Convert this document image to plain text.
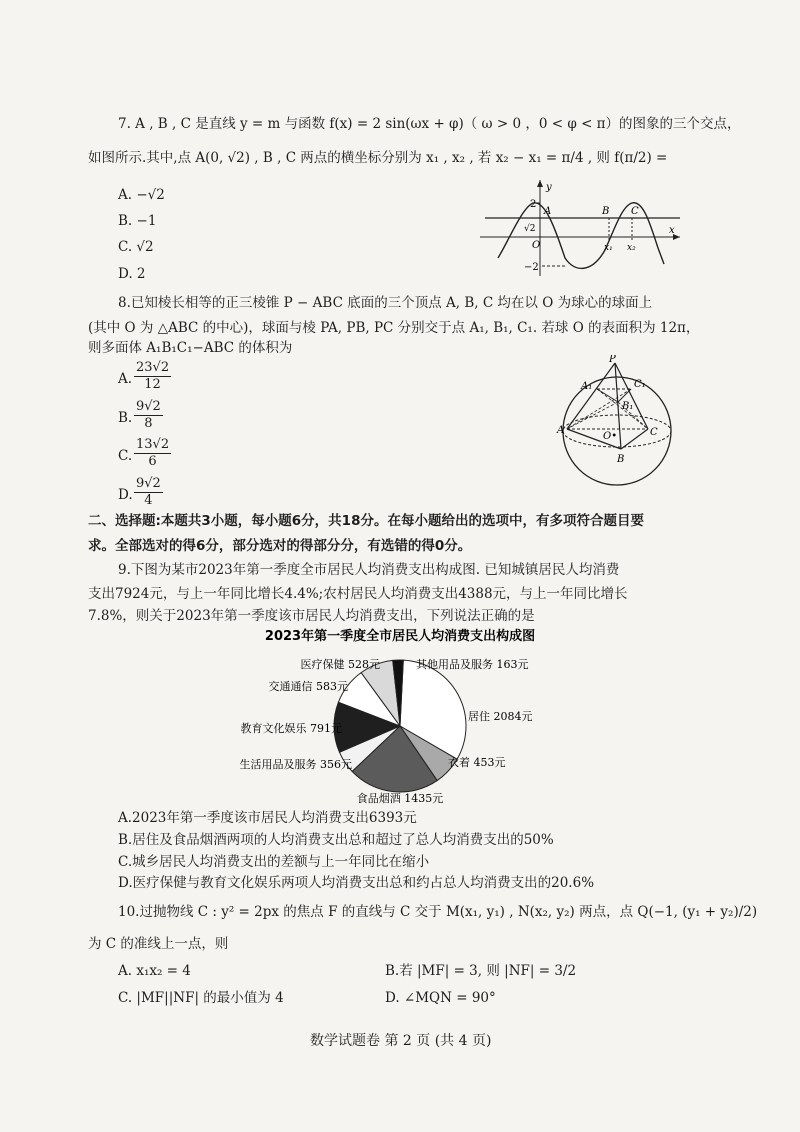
7. A , B , C 是直线 y = m 与函数 f(x) = 2 sin(ωx + φ)（ ω > 0 ，0 < φ < π）的图象的三个交点，
如图所示.其中,点 A(0, √2) , B , C 两点的横坐标分别为 x₁ , x₂ , 若 x₂ − x₁ = π/4 , 则 f(π/2) =
A. −√2
B. −1
C. √2
D. 2
y
2
A	B C
√2
O	x₁ x₂
x
−2
8.已知棱长相等的正三棱锥 P − ABC 底面的三个顶点 A, B, C 均在以 O 为球心的球面上
(其中 O 为 △ABC 的中心)，球面与棱 PA, PB, PC 分别交于点 A₁, B₁, C₁. 若球 O 的表面积为 12π，
则多面体 A₁B₁C₁−ABC 的体积为
A. $\frac{23√2}{12}$
B. $\frac{9√2}{8}$
C. $\frac{13√2}{6}$
D. $\frac{9√2}{4}$
P
A₁	C₁
B₁
A
O•	C
B
二、选择题:本题共3小题，每小题6分，共18分。在每小题给出的选项中，有多项符合题目要
求。全部选对的得6分，部分选对的得部分分，有选错的得0分。
9.下图为某市2023年第一季度全市居民人均消费支出构成图. 已知城镇居民人均消费
支出7924元，与上一年同比增长4.4%;农村居民人均消费支出4388元，与上一年同比增长
7.8%，则关于2023年第一季度该市居民人均消费支出，下列说法正确的是
2023年第一季度全市居民人均消费支出构成图
居住 2084元
衣着 453元
食品烟酒 1435元
生活用品及服务 356元
教育文化娱乐 791元
交通通信 583元
医疗保健 528元	其他用品及服务 163元
A.2023年第一季度该市居民人均消费支出6393元
B.居住及食品烟酒两项的人均消费支出总和超过了总人均消费支出的50%
C.城乡居民人均消费支出的差额与上一年同比在缩小
D.医疗保健与教育文化娱乐两项人均消费支出总和约占总人均消费支出的20.6%
10.过抛物线 C : y² = 2px 的焦点 F 的直线与 C 交于 M(x₁, y₁) , N(x₂, y₂) 两点，点 Q(−1, (y₁ + y₂)/2)
为 C 的准线上一点，则
A. x₁x₂ = 4	B.若 |MF| = 3, 则 |NF| = 3/2
C. |MF||NF| 的最小值为 4	D. ∠MQN = 90°
数学试题卷 第 2 页 (共 4 页)
